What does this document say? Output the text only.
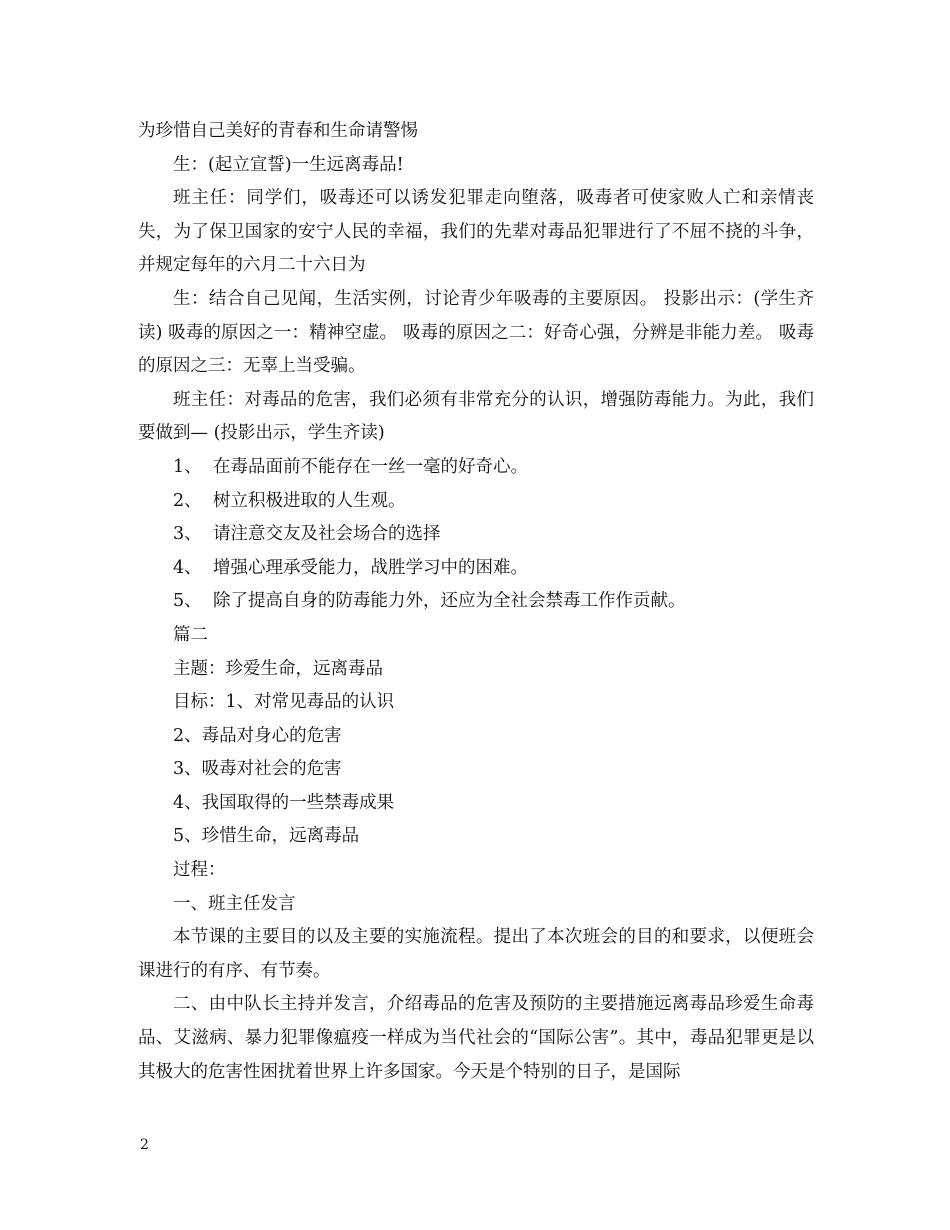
为珍惜自己美好的青春和生命请警惕

生：(起立宣誓)一生远离毒品!

班主任：同学们，吸毒还可以诱发犯罪走向堕落，吸毒者可使家败人亡和亲情丧失，为了保卫国家的安宁人民的幸福，我们的先辈对毒品犯罪进行了不屈不挠的斗争，并规定每年的六月二十六日为

生：结合自己见闻，生活实例，讨论青少年吸毒的主要原因。 投影出示：(学生齐读) 吸毒的原因之一：精神空虚。 吸毒的原因之二：好奇心强，分辨是非能力差。 吸毒的原因之三：无辜上当受骗。

班主任：对毒品的危害，我们必须有非常充分的认识，增强防毒能力。为此，我们要做到— (投影出示，学生齐读)

1、 在毒品面前不能存在一丝一毫的好奇心。
2、 树立积极进取的人生观。
3、 请注意交友及社会场合的选择
4、 增强心理承受能力，战胜学习中的困难。
5、 除了提高自身的防毒能力外，还应为全社会禁毒工作作贡献。

篇二

主题：珍爱生命，远离毒品

目标：1、对常见毒品的认识

2、毒品对身心的危害

3、吸毒对社会的危害

4、我国取得的一些禁毒成果

5、珍惜生命，远离毒品

过程：

一、班主任发言

本节课的主要目的以及主要的实施流程。提出了本次班会的目的和要求，以便班会课进行的有序、有节奏。

二、由中队长主持并发言，介绍毒品的危害及预防的主要措施远离毒品珍爱生命毒品、艾滋病、暴力犯罪像瘟疫一样成为当代社会的“国际公害”。其中，毒品犯罪更是以其极大的危害性困扰着世界上许多国家。今天是个特别的日子，是国际

2
